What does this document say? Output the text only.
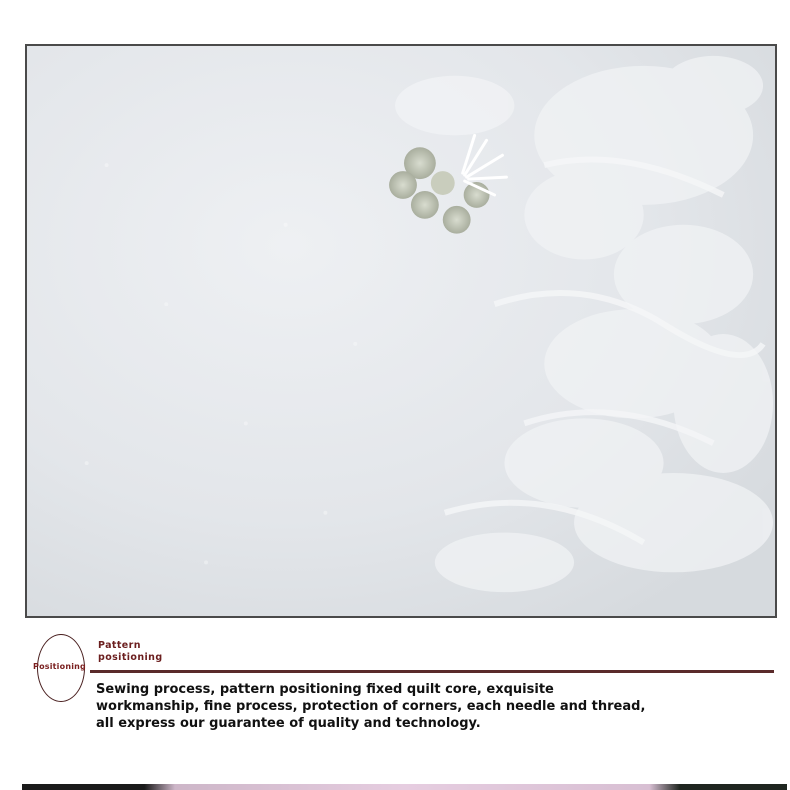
Positioning
Pattern
positioning
Sewing process, pattern positioning fixed quilt core, exquisite
workmanship, fine process, protection of corners, each needle and thread,
all express our guarantee of quality and technology.
